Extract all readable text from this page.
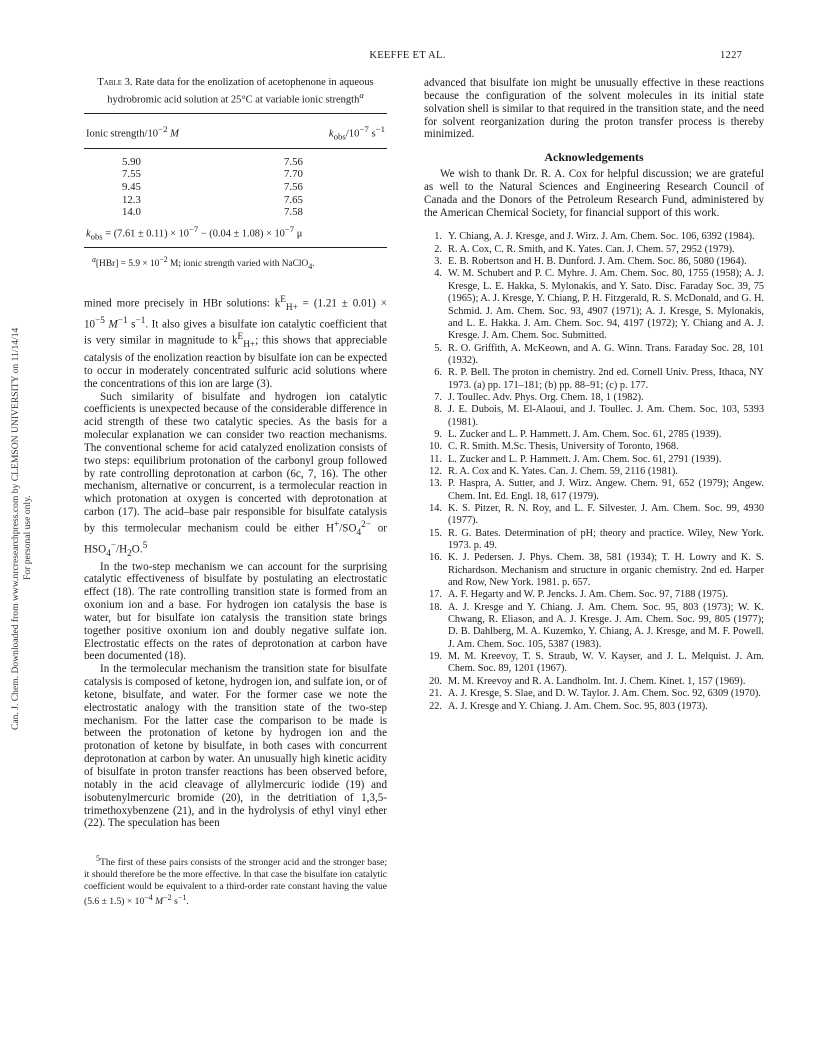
KEEFFE ET AL.	1227
Can. J. Chem. Downloaded from www.nrcresearchpress.com by CLEMSON UNIVERSITY on 11/14/14 For personal use only.
Table 3. Rate data for the enolization of acetophenone in aqueous hydrobromic acid solution at 25°C at variable ionic strength$^a$
Ionic strength/$10^{-2}$ M	$k_{obs}/10^{-7}$ $s^{-1}$
5.90	7.56
7.55	7.70
9.45	7.56
12.3	7.65
14.0	7.58
$k_{obs} = (7.61 \pm 0.11) \times 10^{-7} - (0.04 \pm 1.08) \times 10^{-7}$ μ
$^a[HBr] = 5.9 \times 10^{-2}$ M; ionic strength varied with NaClO$_4$.

mined more precisely in HBr solutions: $k^E_{H+} = (1.21 \pm 0.01) \times 10^{-5}$ $M^{-1}$ $s^{-1}$. It also gives a bisulfate ion catalytic coefficient that is very similar in magnitude to $k^E_{H+}$; this shows that appreciable catalysis of the enolization reaction by bisulfate ion can be expected to occur in moderately concentrated sulfuric acid solutions where the concentrations of this ion are large (3).

Such similarity of bisulfate and hydrogen ion catalytic coefficients is unexpected because of the considerable difference in acid strength of these two catalytic species. As the basis for a molecular explanation we can consider two reaction mechanisms. The conventional scheme for acid catalyzed enolization consists of two steps: equilibrium protonation of the carbonyl group followed by rate controlling deprotonation at carbon (6c, 7, 16). The other mechanism, alternative or concurrent, is a termolecular reaction in which protonation at oxygen is concerted with deprotonation at carbon (17). The acid–base pair responsible for bisulfate catalysis by this termolecular mechanism could be either $H^+/SO_4^{2-}$ or $HSO_4^-/H_2O.^5$

In the two-step mechanism we can account for the surprising catalytic effectiveness of bisulfate by postulating an electrostatic effect (18). The rate controlling transition state is formed from an oxonium ion and a base. For hydrogen ion catalysis the base is water, but for bisulfate ion catalysis the transition state brings together positive oxonium ion and doubly negative sulfate ion. Electrostatic effects on the rates of deprotonation at carbon have been documented (18).

In the termolecular mechanism the transition state for bisulfate catalysis is composed of ketone, hydrogen ion, and sulfate ion, or of ketone, bisulfate, and water. For the former case we note the electrostatic analogy with the transition state of the two-step mechanism. For the latter case the comparison to be made is between the protonation of ketone by hydrogen ion and the protonation of ketone by bisulfate, in both cases with concurrent deprotonation at carbon by water. An unusually high kinetic acidity of bisulfate in proton transfer reactions has been observed before, notably in the acid cleavage of allylmercuric iodide (19) and isobutenylmercuric bromide (20), in the detritiation of 1,3,5-trimethoxybenzene (21), and in the hydrolysis of ethyl vinyl ether (22). The speculation has been

$^5$The first of these pairs consists of the stronger acid and the stronger base; it should therefore be the more effective. In that case the bisulfate ion catalytic coefficient would be equivalent to a third-order rate constant having the value $(5.6 \pm 1.5) \times 10^{-4}$ $M^{-2}$ $s^{-1}$.

advanced that bisulfate ion might be unusually effective in these reactions because the configuration of the solvent molecules in its initial state solvation shell is similar to that required in the transition state, and the need for solvent reorganization during the proton transfer process is thereby minimized.

Acknowledgements

We wish to thank Dr. R. A. Cox for helpful discussion; we are grateful as well to the Natural Sciences and Engineering Research Council of Canada and the Donors of the Petroleum Research Fund, administered by the American Chemical Society, for financial support of this work.

1. Y. Chiang, A. J. Kresge, and J. Wirz. J. Am. Chem. Soc. 106, 6392 (1984).
2. R. A. Cox, C. R. Smith, and K. Yates. Can. J. Chem. 57, 2952 (1979).
3. E. B. Robertson and H. B. Dunford. J. Am. Chem. Soc. 86, 5080 (1964).
4. W. M. Schubert and P. C. Myhre. J. Am. Chem. Soc. 80, 1755 (1958); A. J. Kresge, L. E. Hakka, S. Mylonakis, and Y. Sato. Disc. Faraday Soc. 39, 75 (1965); A. J. Kresge, Y. Chiang, P. H. Fitzgerald, R. S. McDonald, and G. H. Schmid. J. Am. Chem. Soc. 93, 4907 (1971); A. J. Kresge, S. Mylonakis, and L. E. Hakka. J. Am. Chem. Soc. 94, 4197 (1972); Y. Chiang and A. J. Kresge. J. Am. Chem. Soc. Submitted.
5. R. O. Griffith, A. McKeown, and A. G. Winn. Trans. Faraday Soc. 28, 101 (1932).
6. R. P. Bell. The proton in chemistry. 2nd ed. Cornell Univ. Press, Ithaca, NY 1973. (a) pp. 171–181; (b) pp. 88–91; (c) p. 177.
7. J. Toullec. Adv. Phys. Org. Chem. 18, 1 (1982).
8. J. E. Dubois, M. El-Alaoui, and J. Toullec. J. Am. Chem. Soc. 103, 5393 (1981).
9. L. Zucker and L. P. Hammett. J. Am. Chem. Soc. 61, 2785 (1939).
10. C. R. Smith. M.Sc. Thesis, University of Toronto, 1968.
11. L. Zucker and L. P. Hammett. J. Am. Chem. Soc. 61, 2791 (1939).
12. R. A. Cox and K. Yates. Can. J. Chem. 59, 2116 (1981).
13. P. Haspra, A. Sutter, and J. Wirz. Angew. Chem. 91, 652 (1979); Angew. Chem. Int. Ed. Engl. 18, 617 (1979).
14. K. S. Pitzer, R. N. Roy, and L. F. Silvester. J. Am. Chem. Soc. 99, 4930 (1977).
15. R. G. Bates. Determination of pH; theory and practice. Wiley, New York. 1973. p. 49.
16. K. J. Pedersen. J. Phys. Chem. 38, 581 (1934); T. H. Lowry and K. S. Richardson. Mechanism and structure in organic chemistry. 2nd ed. Harper and Row, New York. 1981. p. 657.
17. A. F. Hegarty and W. P. Jencks. J. Am. Chem. Soc. 97, 7188 (1975).
18. A. J. Kresge and Y. Chiang. J. Am. Chem. Soc. 95, 803 (1973); W. K. Chwang, R. Eliason, and A. J. Kresge. J. Am. Chem. Soc. 99, 805 (1977); D. B. Dahlberg, M. A. Kuzemko, Y. Chiang, A. J. Kresge, and M. F. Powell. J. Am. Chem. Soc. 105, 5387 (1983).
19. M. M. Kreevoy, T. S. Straub, W. V. Kayser, and J. L. Melquist. J. Am. Chem. Soc. 89, 1201 (1967).
20. M. M. Kreevoy and R. A. Landholm. Int. J. Chem. Kinet. 1, 157 (1969).
21. A. J. Kresge, S. Slae, and D. W. Taylor. J. Am. Chem. Soc. 92, 6309 (1970).
22. A. J. Kresge and Y. Chiang. J. Am. Chem. Soc. 95, 803 (1973).
